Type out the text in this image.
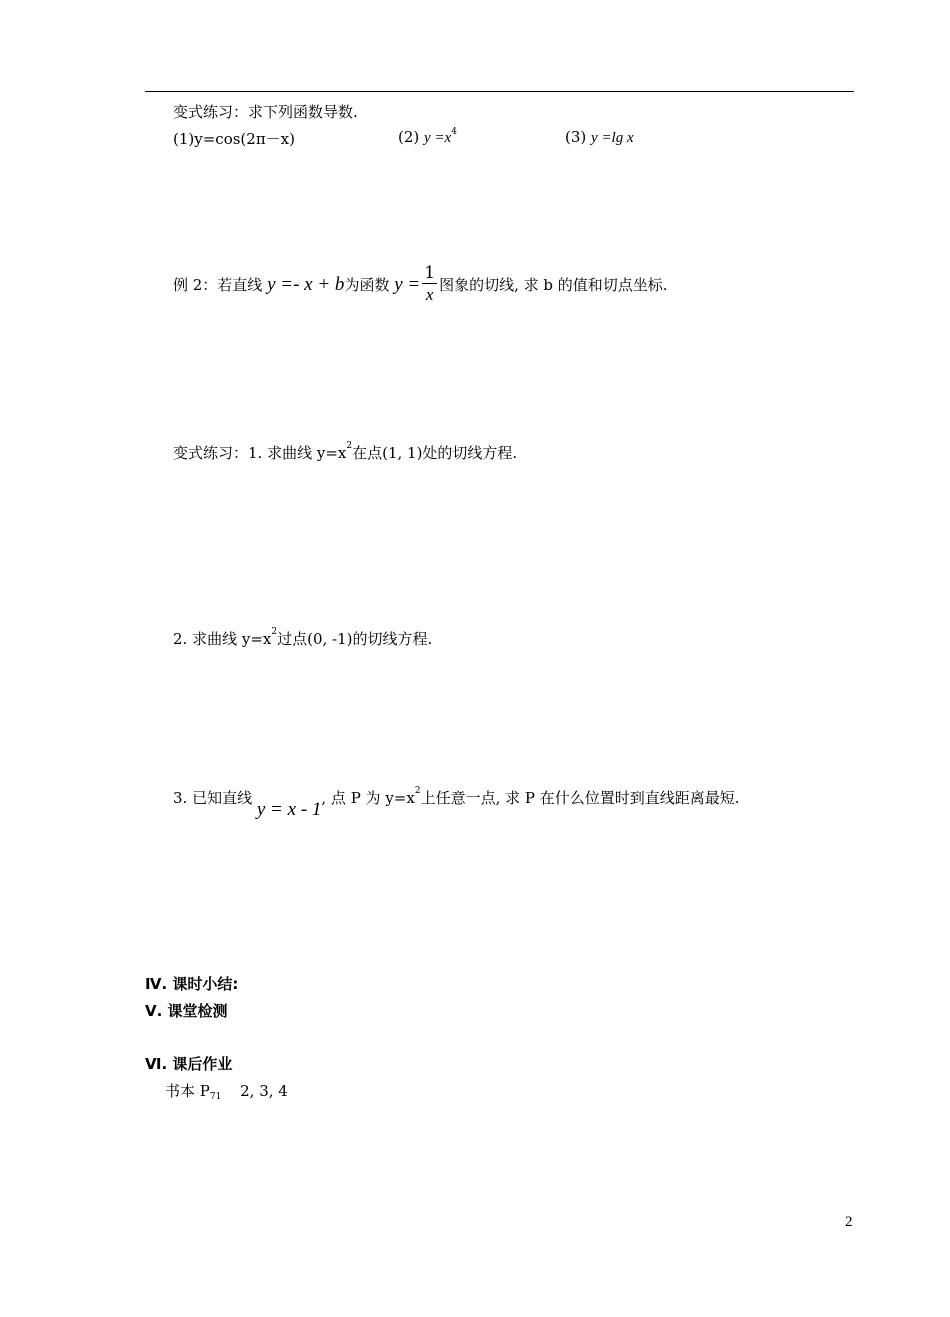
变式练习：求下列函数导数.
(1)y=cos(2π－x)	(2) $y =x^4$	(3) y =lg x
例 2：若直线 y =- x + b为函数 $y = \frac{1}{x}$ 图象的切线, 求 b 的值和切点坐标.
变式练习：1. 求曲线 $y=x^2$在点(1, 1)处的切线方程.
2. 求曲线 $y=x^2$过点(0, -1)的切线方程.
3. 已知直线 y = x - 1, 点 P 为 $y=x^2$上任意一点, 求 P 在什么位置时到直线距离最短.
Ⅳ. 课时小结:
Ⅴ. 课堂检测
Ⅵ. 课后作业
书本 $P_{71}$ 2, 3, 4
2
